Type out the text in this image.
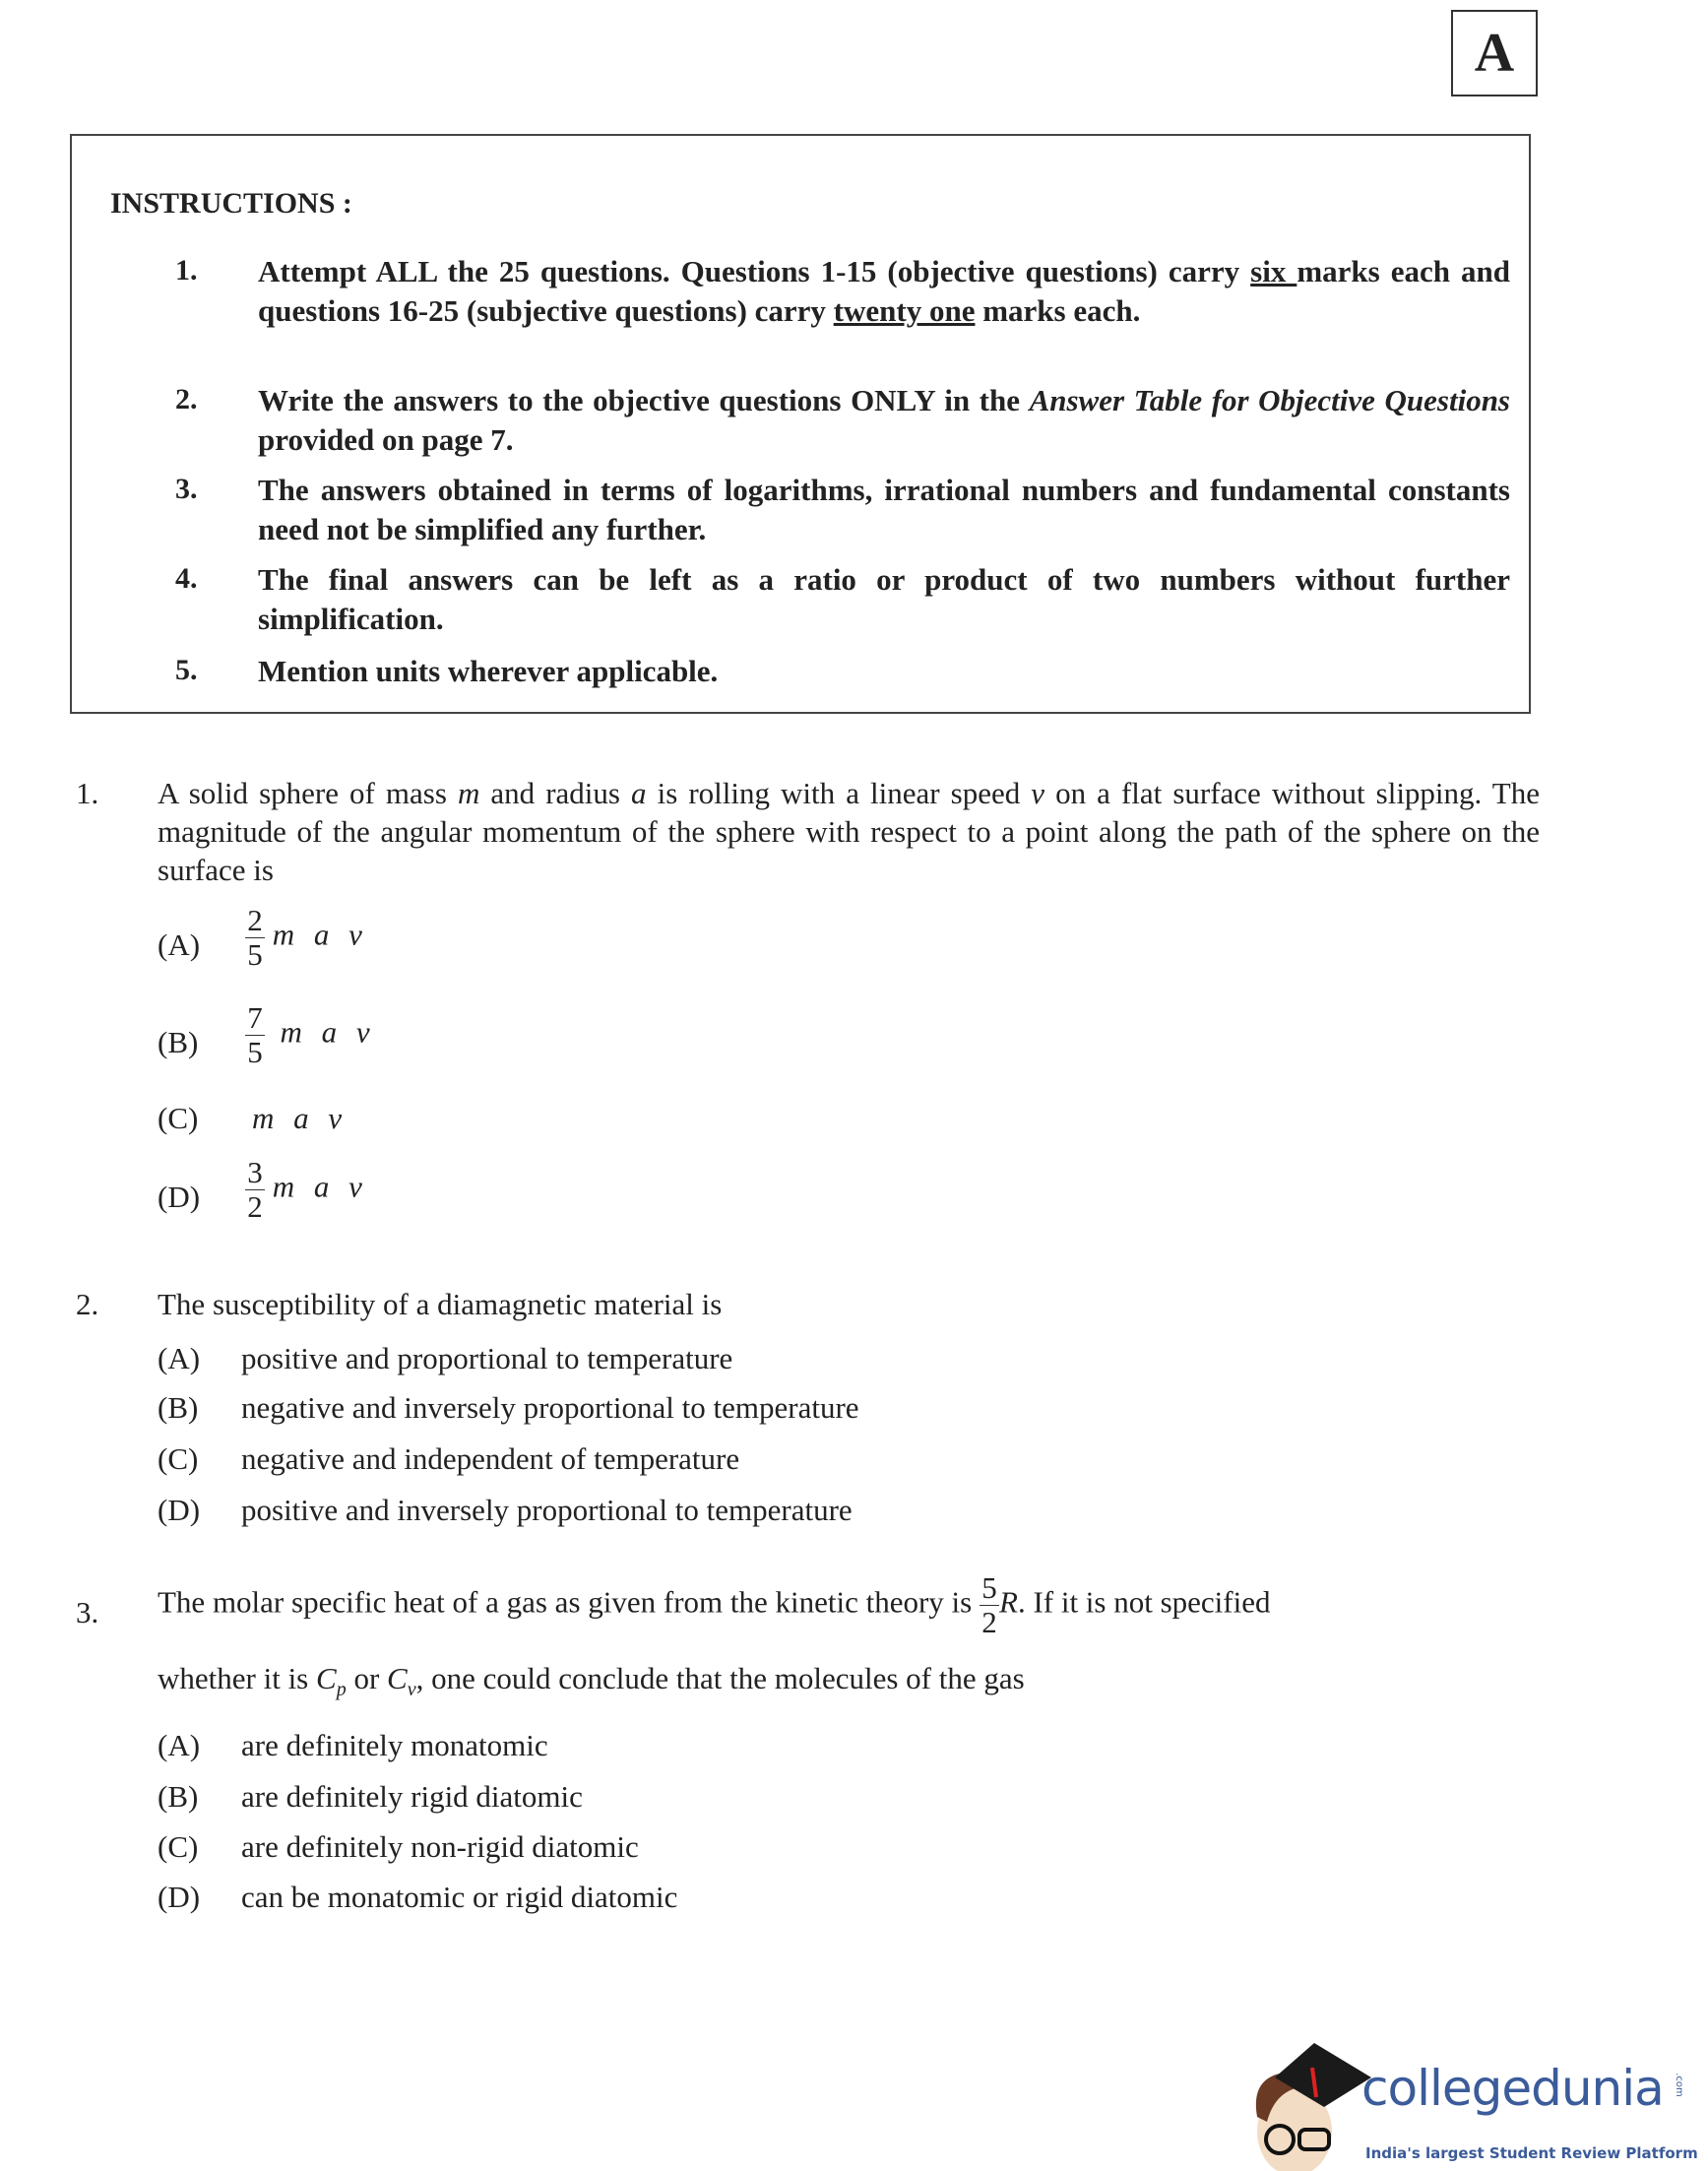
A
INSTRUCTIONS :
1. Attempt ALL the 25 questions. Questions 1-15 (objective questions) carry six marks each and questions 16-25 (subjective questions) carry twenty one marks each.
2. Write the answers to the objective questions ONLY in the Answer Table for Objective Questions provided on page 7.
3. The answers obtained in terms of logarithms, irrational numbers and fundamental constants need not be simplified any further.
4. The final answers can be left as a ratio or product of two numbers without further simplification.
5. Mention units wherever applicable.
1. A solid sphere of mass m and radius a is rolling with a linear speed v on a flat surface without slipping. The magnitude of the angular momentum of the sphere with respect to a point along the path of the sphere on the surface is
$(A) \frac{2}{5}$ m a v
$(B) \frac{7}{5}$ m a v
(C) m a v
$(D) \frac{3}{2}$ m a v
2. The susceptibility of a diamagnetic material is
(A) positive and proportional to temperature
(B) negative and inversely proportional to temperature
(C) negative and independent of temperature
(D) positive and inversely proportional to temperature
3. The molar specific heat of a gas as given from the kinetic theory is $\frac{5}{2} R$. If it is not specified
whether it is $C_p$ or $C_v$, one could conclude that the molecules of the gas
(A) are definitely monatomic
(B) are definitely rigid diatomic
(C) are definitely non-rigid diatomic
(D) can be monatomic or rigid diatomic
collegedunia .com
India's largest Student Review Platform
